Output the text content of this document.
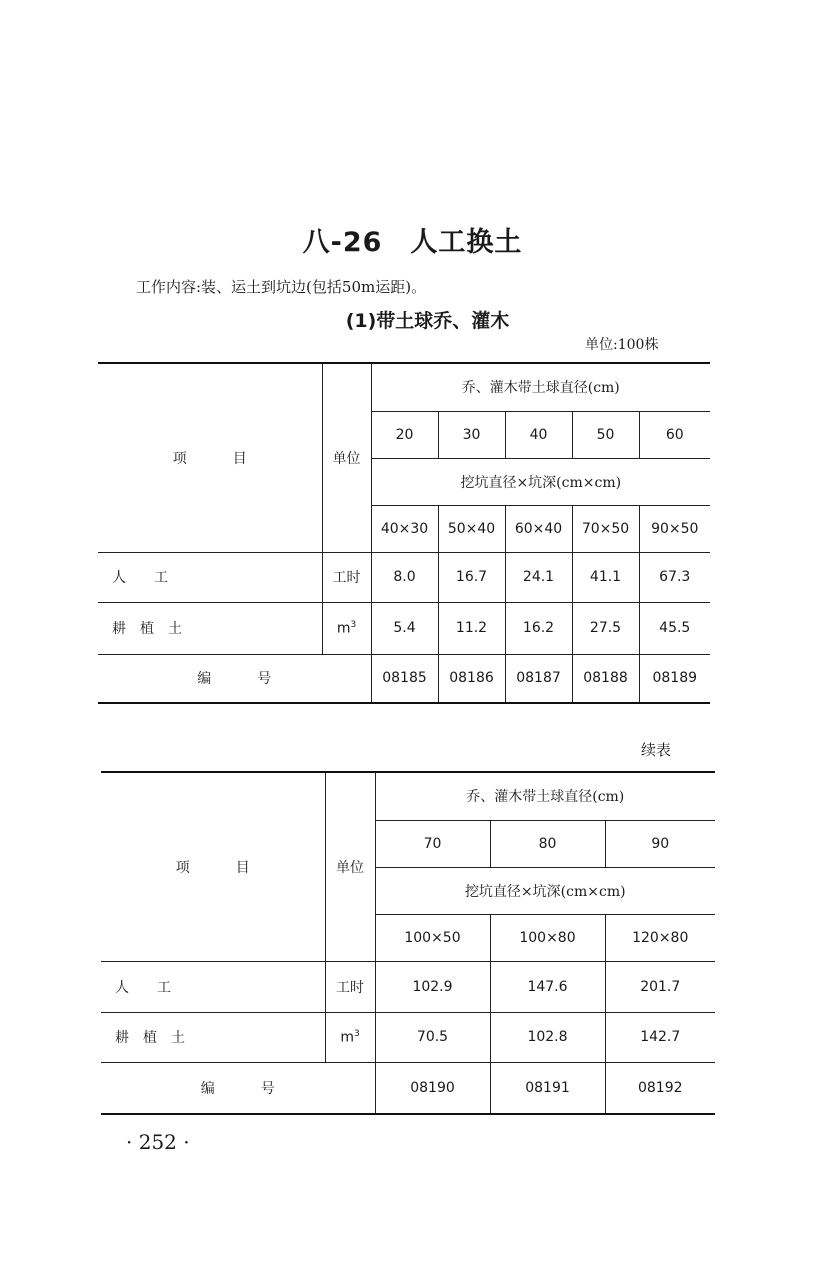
八-26 人工换土
工作内容:装、运土到坑边(包括50m运距)。
(1)带土球乔、灌木
单位:100株
项目	单位	乔、灌木带土球直径(cm)				
		20	30	40	50	60
		挖坑直径×坑深(cm×cm)				
		40×30	50×40	60×40	70×50	90×50
人工	工时	8.0	16.7	24.1	41.1	67.3
耕植土	$m^3$	5.4	11.2	16.2	27.5	45.5
编号		08185	08186	08187	08188	08189
续表
项目	单位	乔、灌木带土球直径(cm)		
		70	80	90
		挖坑直径×坑深(cm×cm)		
		100×50	100×80	120×80
人工	工时	102.9	147.6	201.7
耕植土	$m^3$	70.5	102.8	142.7
编号		08190	08191	08192
· 252 ·
